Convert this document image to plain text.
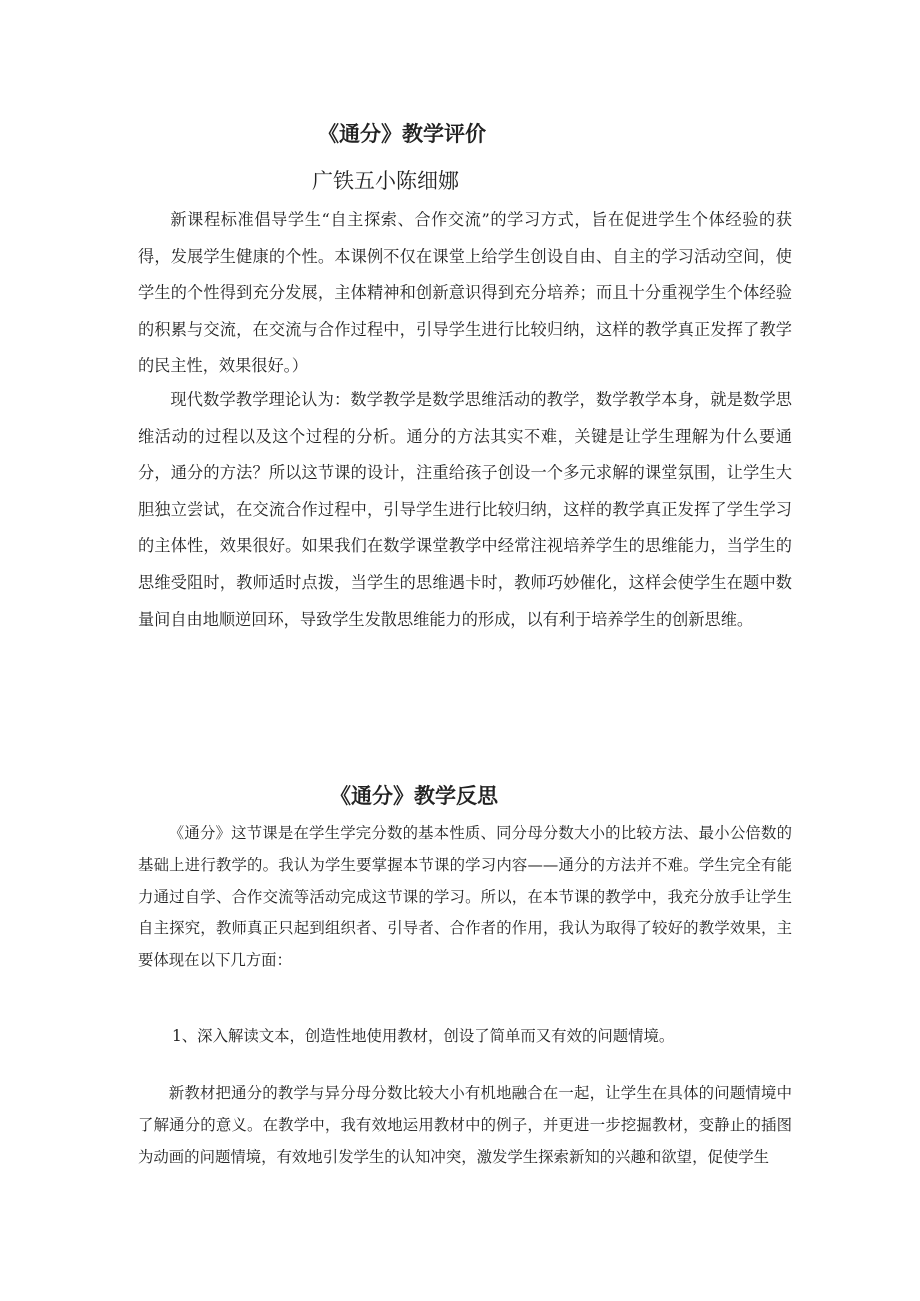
《通分》教学评价
广铁五小陈细娜

新课程标准倡导学生“自主探索、合作交流”的学习方式，旨在促进学生个体经验的获得，发展学生健康的个性。本课例不仅在课堂上给学生创设自由、自主的学习活动空间，使学生的个性得到充分发展，主体精神和创新意识得到充分培养；而且十分重视学生个体经验的积累与交流，在交流与合作过程中，引导学生进行比较归纳，这样的教学真正发挥了教学的民主性，效果很好。）

现代数学教学理论认为：数学教学是数学思维活动的教学，数学教学本身，就是数学思维活动的过程以及这个过程的分析。通分的方法其实不难，关键是让学生理解为什么要通分，通分的方法？所以这节课的设计，注重给孩子创设一个多元求解的课堂氛围，让学生大胆独立尝试，在交流合作过程中，引导学生进行比较归纳，这样的教学真正发挥了学生学习的主体性，效果很好。如果我们在数学课堂教学中经常注视培养学生的思维能力，当学生的思维受阻时，教师适时点拨，当学生的思维遇卡时，教师巧妙催化，这样会使学生在题中数量间自由地顺逆回环，导致学生发散思维能力的形成，以有利于培养学生的创新思维。

《通分》教学反思

《通分》这节课是在学生学完分数的基本性质、同分母分数大小的比较方法、最小公倍数的基础上进行教学的。我认为学生要掌握本节课的学习内容——通分的方法并不难。学生完全有能力通过自学、合作交流等活动完成这节课的学习。所以，在本节课的教学中，我充分放手让学生自主探究，教师真正只起到组织者、引导者、合作者的作用，我认为取得了较好的教学效果，主要体现在以下几方面：

1、深入解读文本，创造性地使用教材，创设了简单而又有效的问题情境。

新教材把通分的教学与异分母分数比较大小有机地融合在一起，让学生在具体的问题情境中了解通分的意义。在教学中，我有效地运用教材中的例子，并更进一步挖掘教材，变静止的插图为动画的问题情境，有效地引发学生的认知冲突，激发学生探索新知的兴趣和欲望，促使学生
